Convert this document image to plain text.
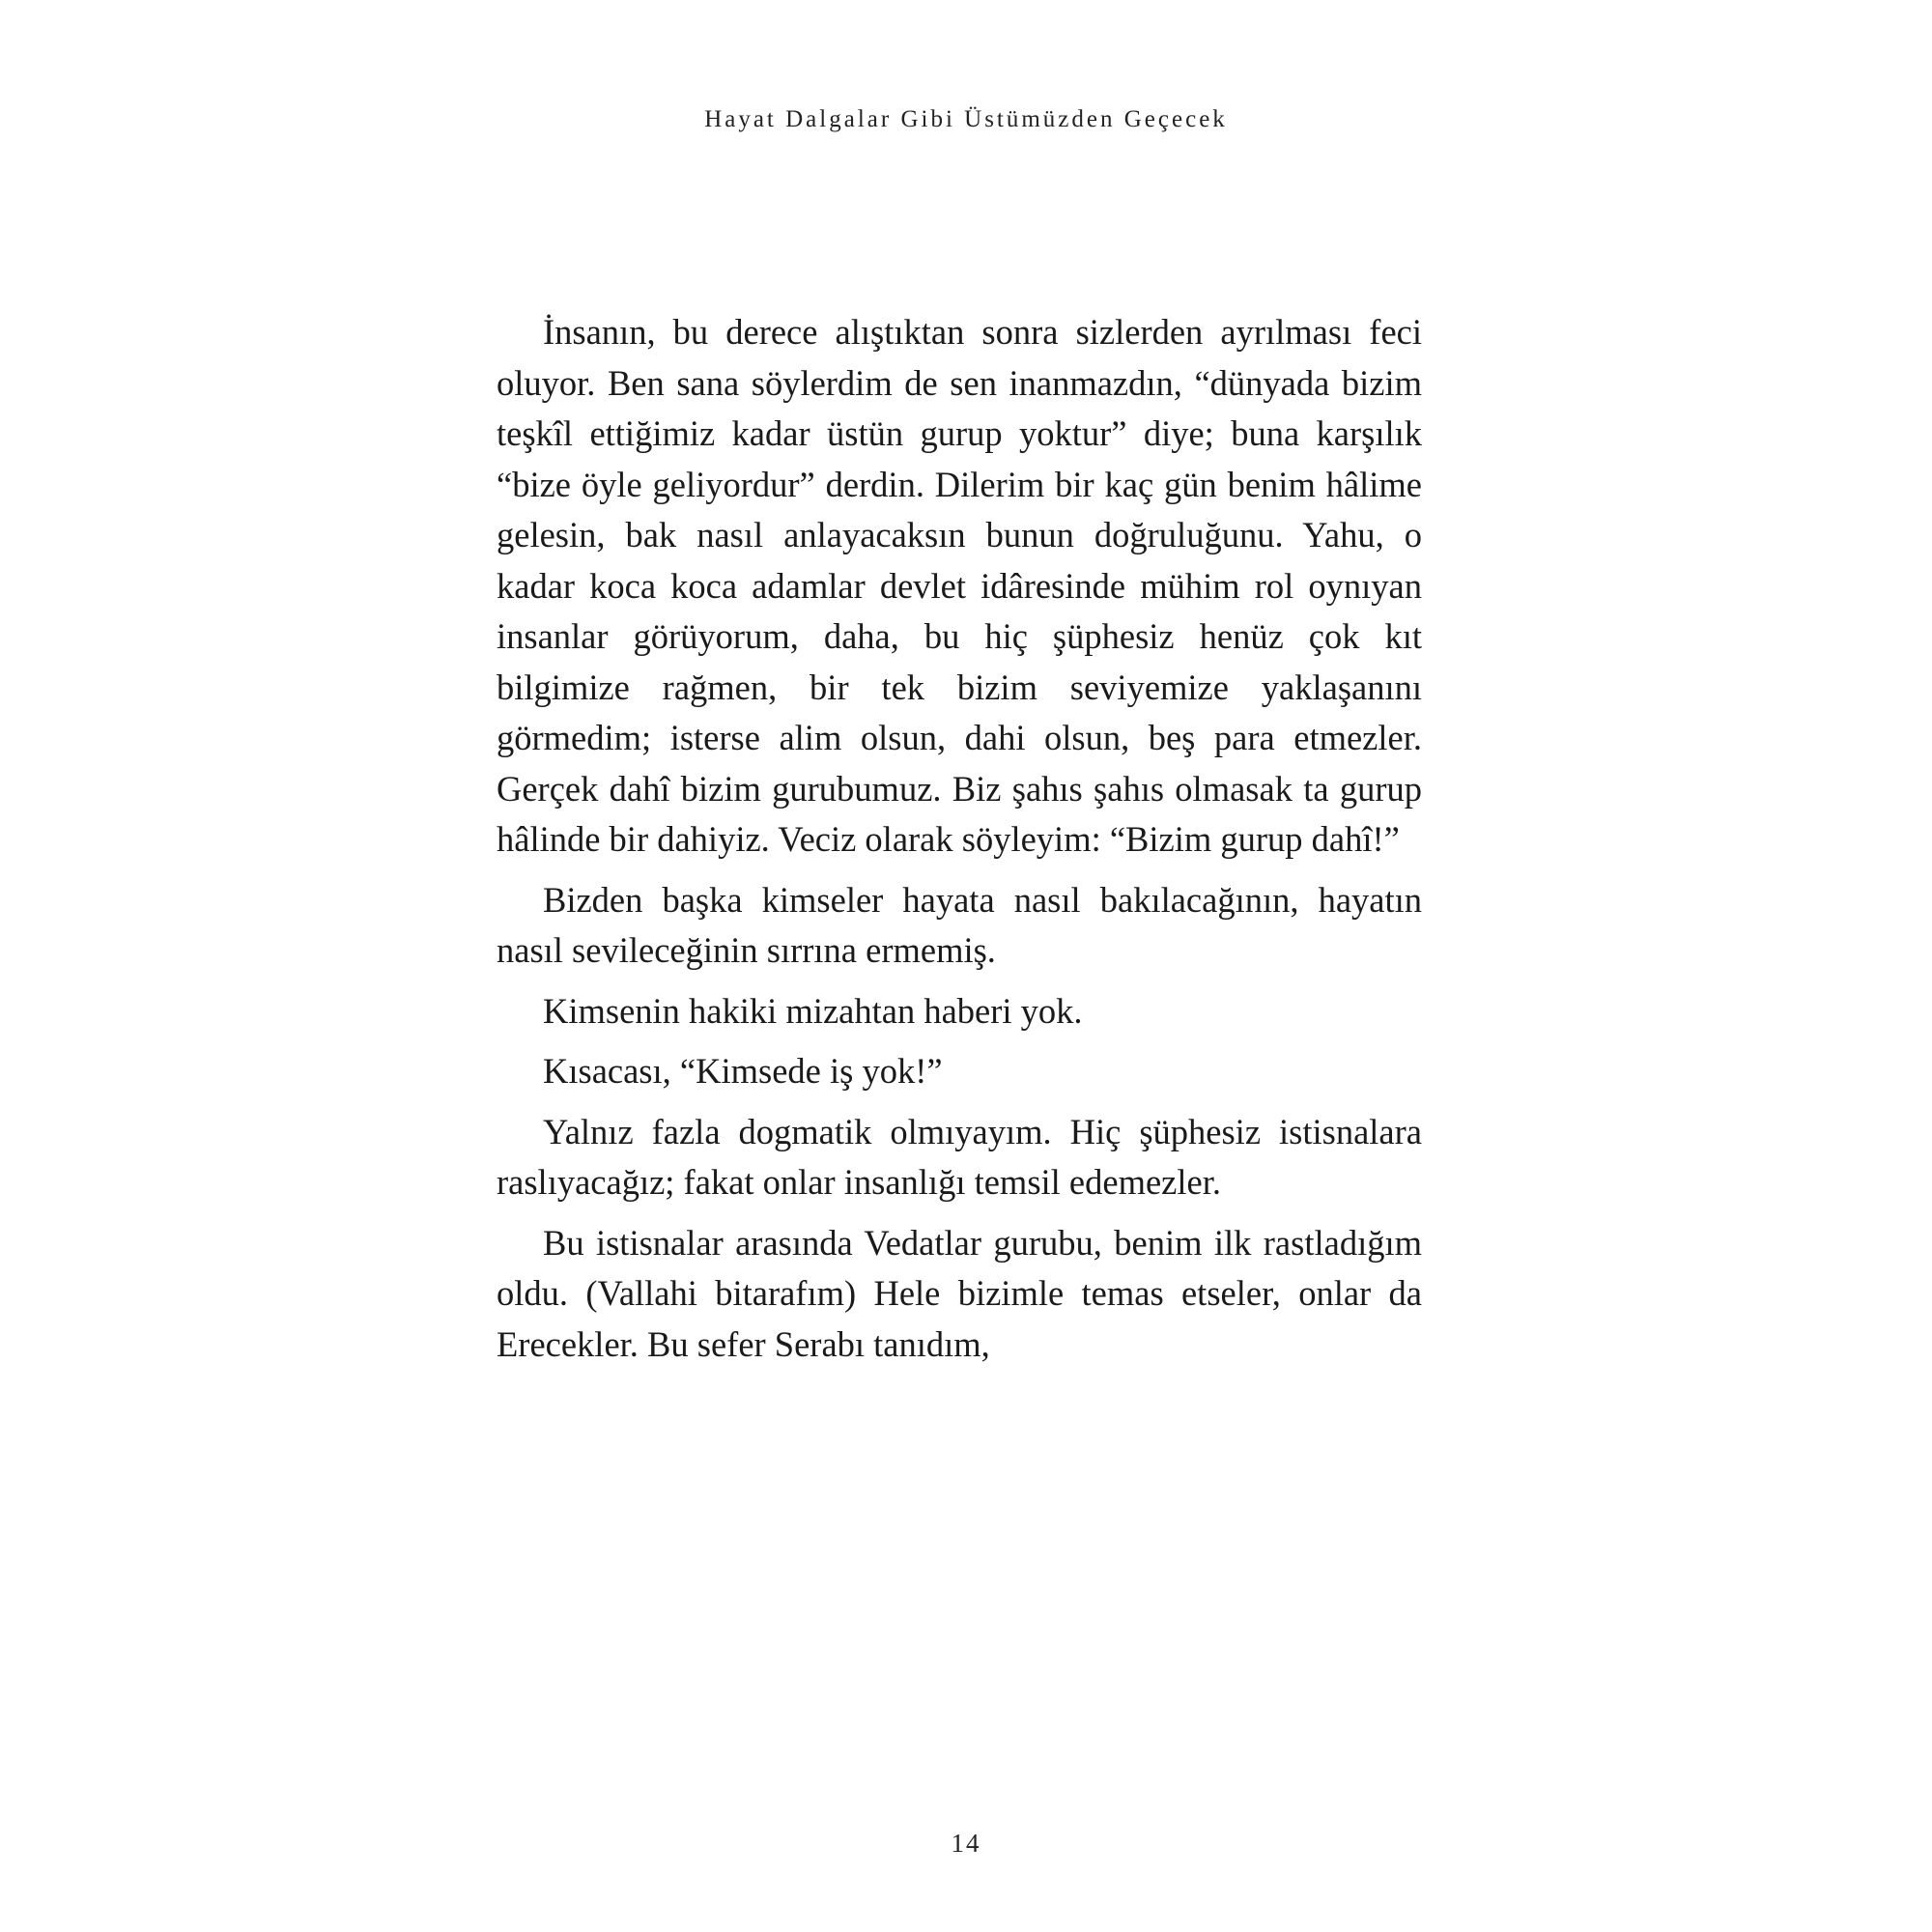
Hayat Dalgalar Gibi Üstümüzden Geçecek

İnsanın, bu derece alıştıktan sonra sizlerden ayrılması feci oluyor. Ben sana söylerdim de sen inanmazdın, “dünyada bizim teşkîl ettiğimiz kadar üstün gurup yoktur” diye; buna karşılık “bize öyle geliyordur” derdin. Dilerim bir kaç gün benim hâlime gelesin, bak nasıl anlayacaksın bunun doğruluğunu. Yahu, o kadar koca koca adamlar devlet idâresinde mühim rol oynıyan insanlar görüyorum, daha, bu hiç şüphesiz henüz çok kıt bilgimize rağmen, bir tek bizim seviyemize yaklaşanını görmedim; isterse alim olsun, dahi olsun, beş para etmezler. Gerçek dahî bizim gurubumuz. Biz şahıs şahıs olmasak ta gurup hâlinde bir dahiyiz. Veciz olarak söyleyim: “Bizim gurup dahî!”

Bizden başka kimseler hayata nasıl bakılacağının, hayatın nasıl sevileceğinin sırrına ermemiş.

Kimsenin hakiki mizahtan haberi yok.

Kısacası, “Kimsede iş yok!”

Yalnız fazla dogmatik olmıyayım. Hiç şüphesiz istisnalara raslıyacağız; fakat onlar insanlığı temsil edemezler.

Bu istisnalar arasında Vedatlar gurubu, benim ilk rastladığım oldu. (Vallahi bitarafım) Hele bizimle temas etseler, onlar da Erecekler. Bu sefer Serabı tanıdım,

14
